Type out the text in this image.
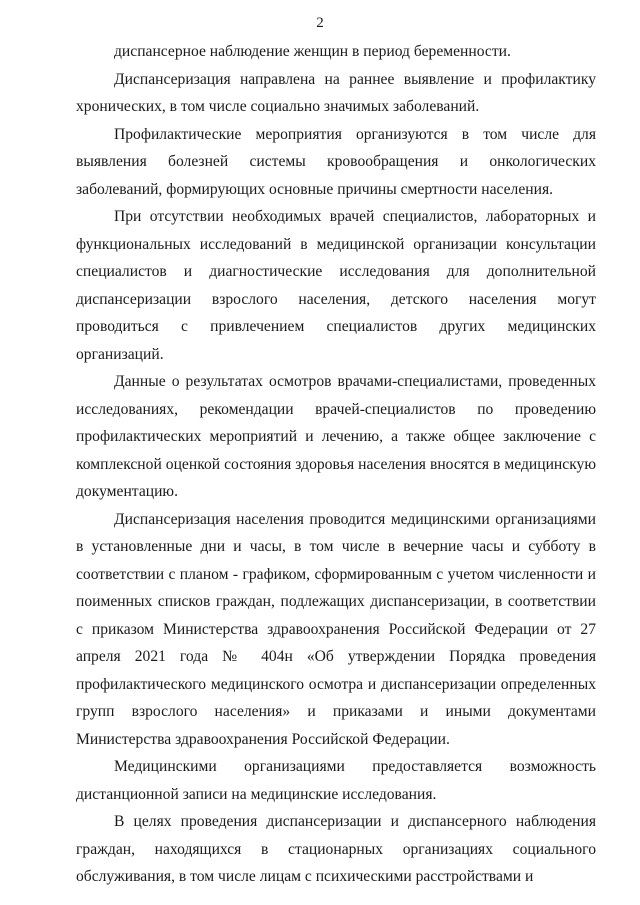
2

диспансерное наблюдение женщин в период беременности.

Диспансеризация направлена на раннее выявление и профилактику хронических, в том числе социально значимых заболеваний.

Профилактические мероприятия организуются в том числе для выявления болезней системы кровообращения и онкологических заболеваний, формирующих основные причины смертности населения.

При отсутствии необходимых врачей специалистов, лабораторных и функциональных исследований в медицинской организации консультации специалистов и диагностические исследования для дополнительной диспансеризации взрослого населения, детского населения могут проводиться с привлечением специалистов других медицинских организаций.

Данные о результатах осмотров врачами-специалистами, проведенных исследованиях, рекомендации врачей-специалистов по проведению профилактических мероприятий и лечению, а также общее заключение с комплексной оценкой состояния здоровья населения вносятся в медицинскую документацию.

Диспансеризация населения проводится медицинскими организациями в установленные дни и часы, в том числе в вечерние часы и субботу в соответствии с планом - графиком, сформированным с учетом численности и поименных списков граждан, подлежащих диспансеризации, в соответствии с приказом Министерства здравоохранения Российской Федерации от 27 апреля 2021 года № 404н «Об утверждении Порядка проведения профилактического медицинского осмотра и диспансеризации определенных групп взрослого населения» и приказами и иными документами Министерства здравоохранения Российской Федерации.

Медицинскими организациями предоставляется возможность дистанционной записи на медицинские исследования.

В целях проведения диспансеризации и диспансерного наблюдения граждан, находящихся в стационарных организациях социального обслуживания, в том числе лицам с психическими расстройствами и
